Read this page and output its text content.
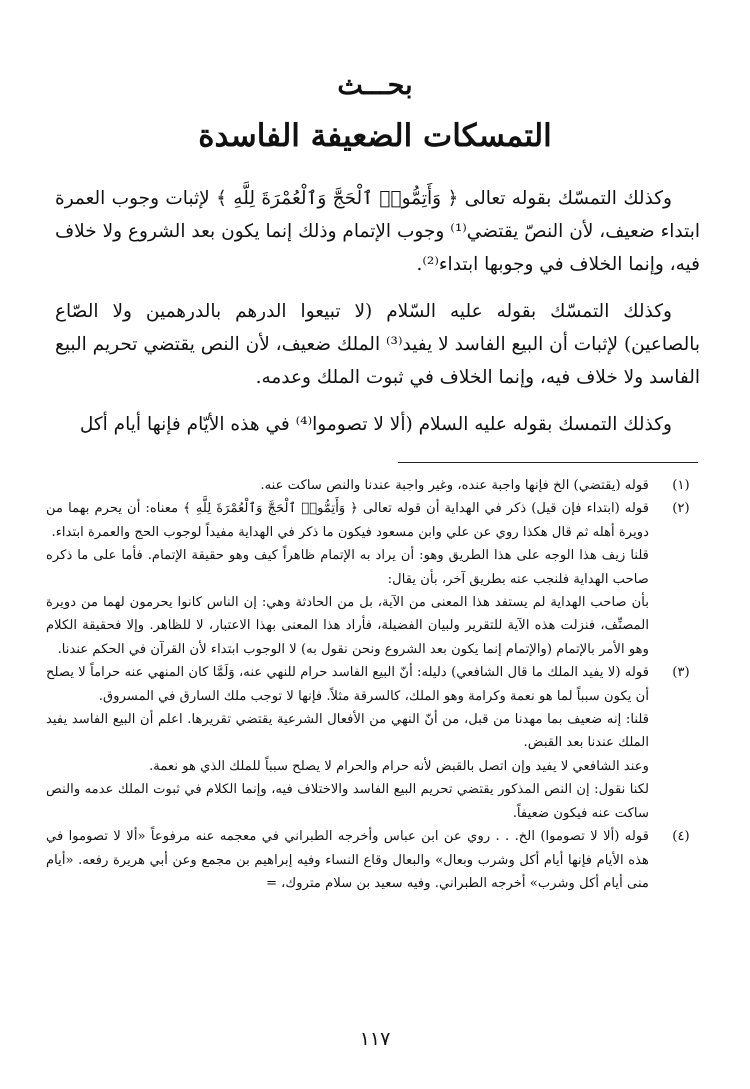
بحـــث
التمسكات الضعيفة الفاسدة

وكذلك التمسّك بقوله تعالى ﴿ وَأَتِمُّوا۟ ٱلْحَجَّ وَٱلْعُمْرَةَ لِلَّهِ ﴾ لإثبات وجوب العمرة ابتداء ضعيف، لأن النصّ يقتضي⁽¹⁾ وجوب الإتمام وذلك إنما يكون بعد الشروع ولا خلاف فيه، وإنما الخلاف في وجوبها ابتداء⁽²⁾.

وكذلك التمسّك بقوله عليه السّلام (لا تبيعوا الدرهم بالدرهمين ولا الصّاع بالصاعين) لإثبات أن البيع الفاسد لا يفيد⁽³⁾ الملك ضعيف، لأن النص يقتضي تحريم البيع الفاسد ولا خلاف فيه، وإنما الخلاف في ثبوت الملك وعدمه.

وكذلك التمسك بقوله عليه السلام (ألا لا تصوموا⁽⁴⁾ في هذه الأيّام فإنها أيام أكل

(١)

قوله (يقتضي) الخ فإنها واجبة عنده، وغير واجبة عندنا والنص ساكت عنه.

(٢)

قوله (ابتداء فإن قيل) ذكر في الهداية أن قوله تعالى ﴿ وَأَتِمُّوا۟ ٱلْحَجَّ وَٱلْعُمْرَةَ لِلَّهِ ﴾ معناه: أن يحرم بهما من دويرة أهله ثم قال هكذا روي عن علي وابن مسعود فيكون ما ذكر في الهداية مفيداً لوجوب الحج والعمرة ابتداء.

قلنا زيف هذا الوجه على هذا الطريق وهو: أن يراد به الإتمام ظاهراً كيف وهو حقيقة الإتمام. فأما على ما ذكره صاحب الهداية فلنجب عنه بطريق آخر، بأن يقال:

بأن صاحب الهداية لم يستفد هذا المعنى من الآية، بل من الحادثة وهي: إن الناس كانوا يحرمون لهما من دويرة المصنِّف، فنزلت هذه الآية للتقرير ولبيان الفضيلة، فأراد هذا المعنى بهذا الاعتبار، لا للظاهر. وإلا فحقيقة الكلام وهو الأمر بالإتمام (والإتمام إنما يكون بعد الشروع ونحن نقول به) لا الوجوب ابتداء لأن القرآن في الحكم عندنا.

(٣)

قوله (لا يفيد الملك ما قال الشافعي) دليله: أنّ البيع الفاسد حرام للنهي عنه، وَلَمَّا كان المنهي عنه حراماً لا يصلح أن يكون سبباً لما هو نعمة وكرامة وهو الملك، كالسرقة مثلاً. فإنها لا توجب ملك السارق في المسروق.

قلنا: إنه ضعيف بما مهدنا من قبل، من أنّ النهي من الأفعال الشرعية يقتضي تقريرها. اعلم أن البيع الفاسد يفيد الملك عندنا بعد القبض.

وعند الشافعي لا يفيد وإن اتصل بالقبض لأنه حرام والحرام لا يصلح سبباً للملك الذي هو نعمة.

لكنا نقول: إن النص المذكور يقتضي تحريم البيع الفاسد والاختلاف فيه، وإنما الكلام في ثبوت الملك عدمه والنص ساكت عنه فيكون ضعيفاً.

(٤)

قوله (ألا لا تصوموا) الخ. . . روي عن ابن عباس وأخرجه الطبراني في معجمه عنه مرفوعاً «ألا لا تصوموا في هذه الأيام فإنها أيام أكل وشرب وبعال» والبعال وقاع النساء وفيه إبراهيم بن مجمع وعن أبي هريرة رفعه. «أيام منى أيام أكل وشرب» أخرجه الطبراني. وفيه سعيد بن سلام متروك، =

١١٧
